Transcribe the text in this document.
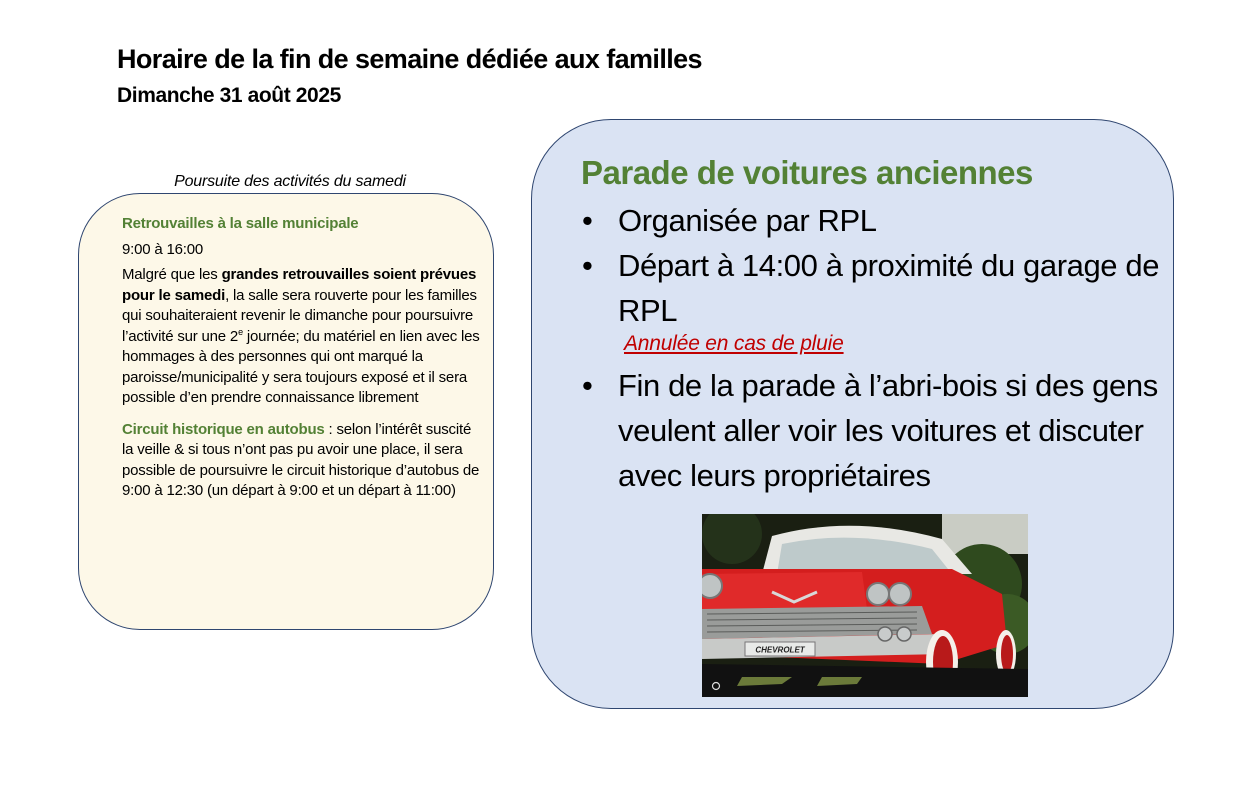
Horaire de la fin de semaine dédiée aux familles
Dimanche 31 août 2025
Poursuite des activités du samedi

Retrouvailles à la salle municipale

9:00 à 16:00

Malgré que les grandes retrouvailles soient prévues pour le samedi, la salle sera rouverte pour les familles qui souhaiteraient revenir le dimanche pour poursuivre l’activité sur une 2e journée; du matériel en lien avec les hommages à des personnes qui ont marqué la paroisse/municipalité y sera toujours exposé et il sera possible d’en prendre connaissance librement

Circuit historique en autobus : selon l’intérêt suscité la veille & si tous n’ont pas pu avoir une place, il sera possible de poursuivre le circuit historique d’autobus de 9:00 à 12:30 (un départ à 9:00 et un départ à 11:00)

Parade de voitures anciennes
• Organisée par RPL
• Départ à 14:00 à proximité du garage de RPL
Annulée en cas de pluie
• Fin de la parade à l’abri-bois si des gens veulent aller voir les voitures et discuter avec leurs propriétaires
CHEVROLET
